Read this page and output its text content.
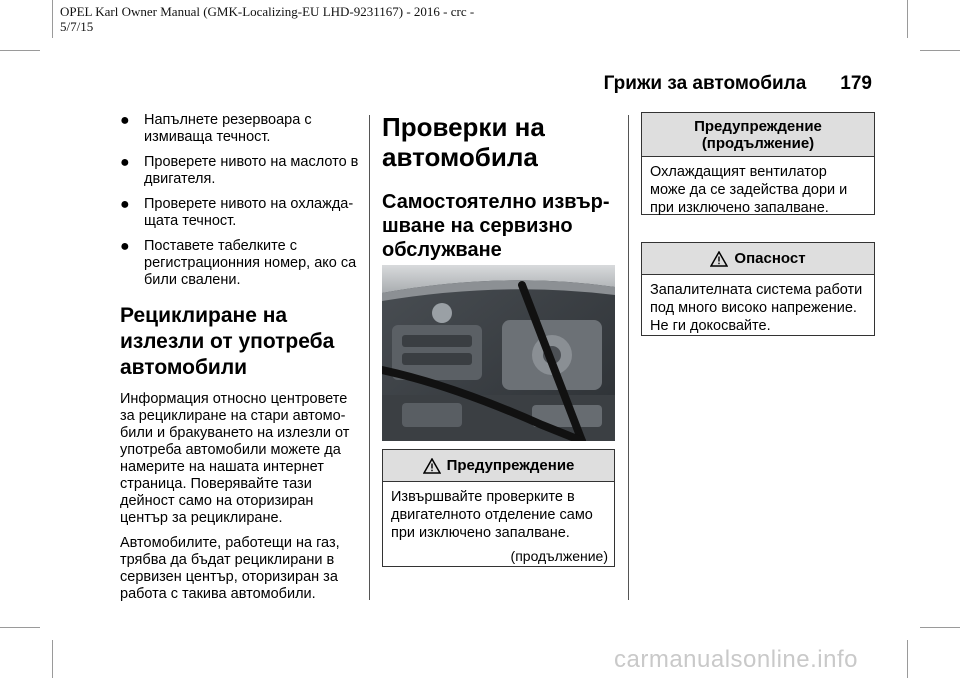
OPEL Karl Owner Manual (GMK-Localizing-EU LHD-9231167) - 2016 - crc -
5/7/15
Грижи за автомобила 179
● Напълнете резервоара с измиваща течност.
● Проверете нивото на маслото в двигателя.
● Проверете нивото на охлажда-щата течност.
● Поставете табелките с регистрационния номер, ако са били свалени.
Рециклиране на излезли от употреба автомобили

Информация относно центровете за рециклиране на стари автомо-били и бракуването на излезли от употреба автомобили можете да намерите на нашата интернет страница. Поверявайте тази дейност само на оторизиран център за рециклиране.

Автомобилите, работещи на газ, трябва да бъдат рециклирани в сервизен център, оторизиран за работа с такива автомобили.

Проверки на автомобила
Самостоятелно извър-шване на сервизно обслужване
Предупреждение
Извършвайте проверките в двигателното отделение само при изключено запалване.
(продължение)
Предупреждение (продължение)
Охлаждащият вентилатор може да се задейства дори и при изключено запалване.
Опасност
Запалителната система работи под много високо напрежение. Не ги докосвайте.
carmanualsonline.info
